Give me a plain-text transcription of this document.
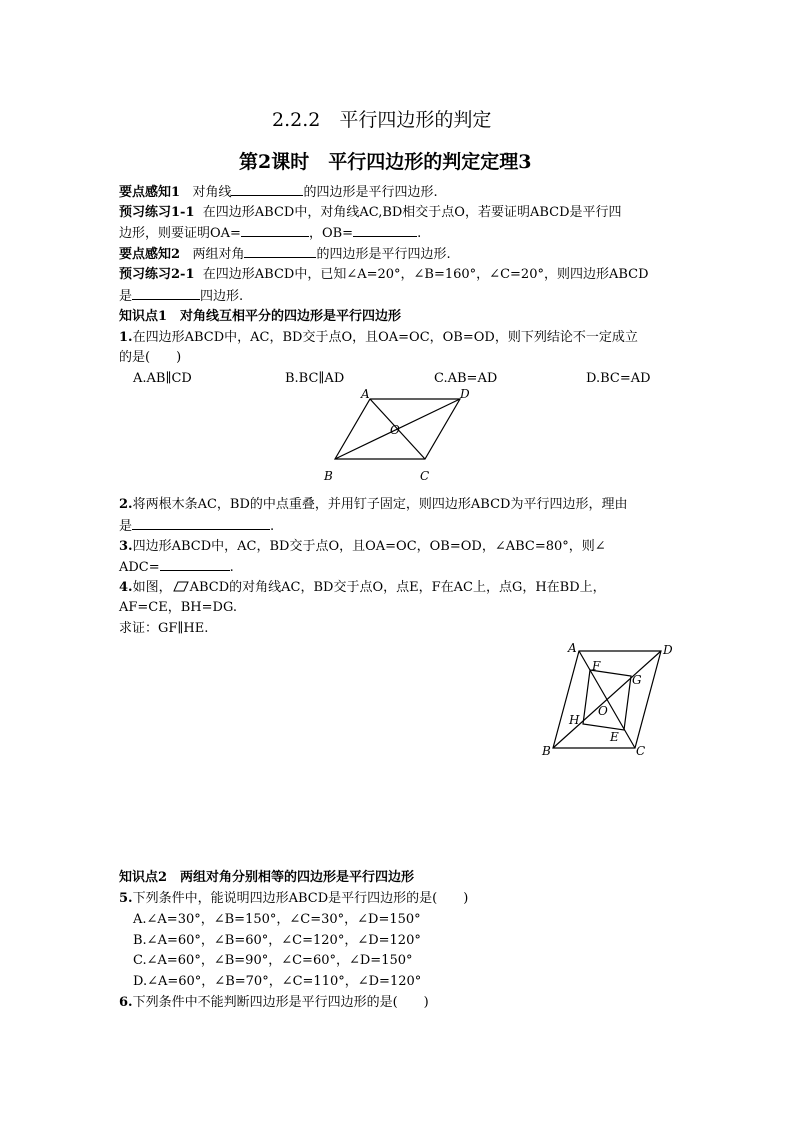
2.2.2　平行四边形的判定
第2课时　平行四边形的判定定理3
要点感知1 对角线	的四边形是平行四边形.
预习练习1-1 在四边形ABCD中，对角线AC,BD相交于点O，若要证明ABCD是平行四
边形，则要证明OA=	，OB=	.
要点感知2 两组对角	的四边形是平行四边形.
预习练习2-1 在四边形ABCD中，已知∠A=20°，∠B=160°，∠C=20°，则四边形ABCD
是	四边形.
知识点1　对角线互相平分的四边形是平行四边形
1.在四边形ABCD中，AC，BD交于点O，且OA=OC，OB=OD，则下列结论不一定成立
的是(　　)
A.AB∥CD	B.BC∥AD	C.AB=AD	D.BC=AD
A	D
O
B	C
2.将两根木条AC，BD的中点重叠，并用钉子固定，则四边形ABCD为平行四边形，理由
是	.
3.四边形ABCD中，AC，BD交于点O，且OA=OC，OB=OD，∠ABC=80°，则∠
ADC=	.
4.如图， ABCD的对角线AC，BD交于点O，点E，F在AC上，点G，H在BD上，
AF=CE，BH=DG.
求证：GF∥HE.
A	D
F
G
O
H
E
B	C
知识点2　两组对角分别相等的四边形是平行四边形
5.下列条件中，能说明四边形ABCD是平行四边形的是(　　)
A.∠A=30°，∠B=150°，∠C=30°，∠D=150°
B.∠A=60°，∠B=60°，∠C=120°，∠D=120°
C.∠A=60°，∠B=90°，∠C=60°，∠D=150°
D.∠A=60°，∠B=70°，∠C=110°，∠D=120°
6.下列条件中不能判断四边形是平行四边形的是(　　)
